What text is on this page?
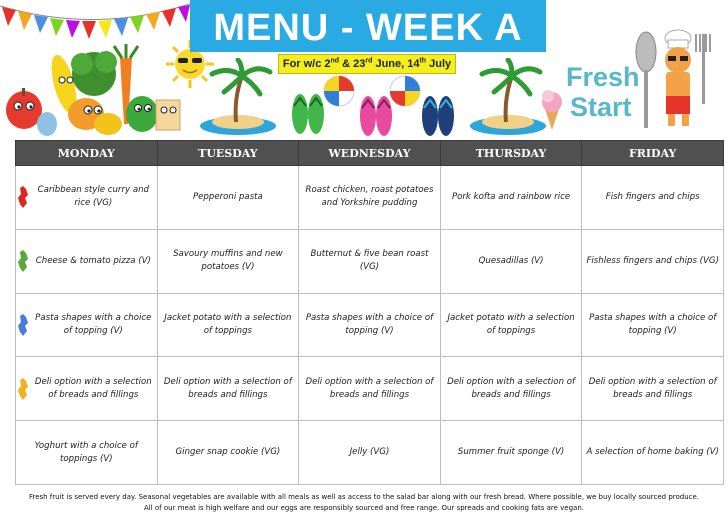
MENU - WEEK A
For w/c 2nd & 23rd June, 14th July	Fresh
Start
MONDAY	TUESDAY	WEDNESDAY	THURSDAY	FRIDAY

Caribbean style curry and rice (VG)	Pepperoni pasta	Roast chicken, roast potatoes and Yorkshire pudding	Pork kofta and rainbow rice	Fish fingers and chips

Cheese & tomato pizza (V)	Savoury muffins and new potatoes (V)	Butternut & five bean roast (VG)	Quesadillas (V)	Fishless fingers and chips (VG)

Pasta shapes with a choice of topping (V)	Jacket potato with a selection of toppings	Pasta shapes with a choice of topping (V)	Jacket potato with a selection of toppings	Pasta shapes with a choice of topping (V)

Deli option with a selection of breads and fillings	Deli option with a selection of breads and fillings	Deli option with a selection of breads and fillings	Deli option with a selection of breads and fillings	Deli option with a selection of breads and fillings
Yoghurt with a choice of toppings (V)	Ginger snap cookie (VG)	Jelly (VG)	Summer fruit sponge (V)	A selection of home baking (V)
Fresh fruit is served every day. Seasonal vegetables are available with all meals as well as access to the salad bar along with our fresh bread. Where possible, we buy locally sourced produce.
All of our meat is high welfare and our eggs are responsibly sourced and free range. Our spreads and cooking fats are vegan.
